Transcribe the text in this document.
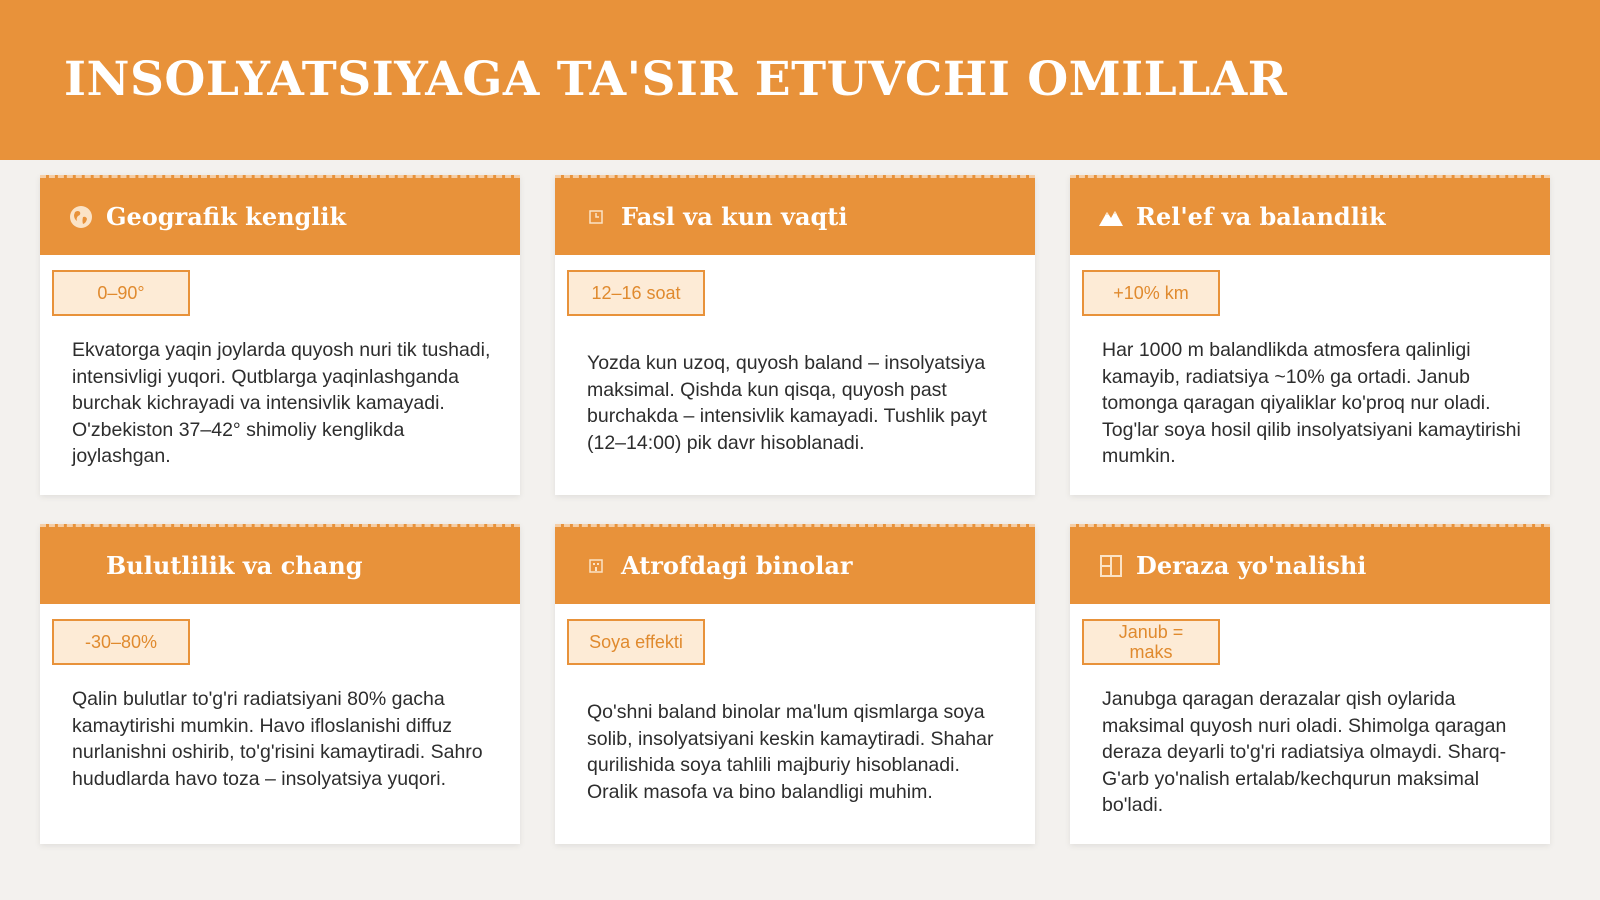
INSOLYATSIYAGA TA'SIR ETUVCHI OMILLAR
Geografik kenglik
0–90°

Ekvatorga yaqin joylarda quyosh nuri tik tushadi, intensivligi yuqori. Qutblarga yaqinlashganda burchak kichrayadi va intensivlik kamayadi. O'zbekiston 37–42° shimoliy kenglikda joylashgan.

Fasl va kun vaqti
12–16 soat

Yozda kun uzoq, quyosh baland – insolyatsiya maksimal. Qishda kun qisqa, quyosh past burchakda – intensivlik kamayadi. Tushlik payt (12–14:00) pik davr hisoblanadi.

Rel'ef va balandlik
+10% km

Har 1000 m balandlikda atmosfera qalinligi kamayib, radiatsiya ~10% ga ortadi. Janub tomonga qaragan qiyaliklar ko'proq nur oladi. Tog'lar soya hosil qilib insolyatsiyani kamaytirishi mumkin.

Bulutlilik va chang
-30–80%

Qalin bulutlar to'g'ri radiatsiyani 80% gacha kamaytirishi mumkin. Havo ifloslanishi diffuz nurlanishni oshirib, to'g'risini kamaytiradi. Sahro hududlarda havo toza – insolyatsiya yuqori.

Atrofdagi binolar
Soya effekti

Qo'shni baland binolar ma'lum qismlarga soya solib, insolyatsiyani keskin kamaytiradi. Shahar qurilishida soya tahlili majburiy hisoblanadi. Oralik masofa va bino balandligi muhim.

Deraza yo'nalishi
Janub = maks

Janubga qaragan derazalar qish oylarida maksimal quyosh nuri oladi. Shimolga qaragan deraza deyarli to'g'ri radiatsiya olmaydi. Sharq-G'arb yo'nalish ertalab/kechqurun maksimal bo'ladi.
